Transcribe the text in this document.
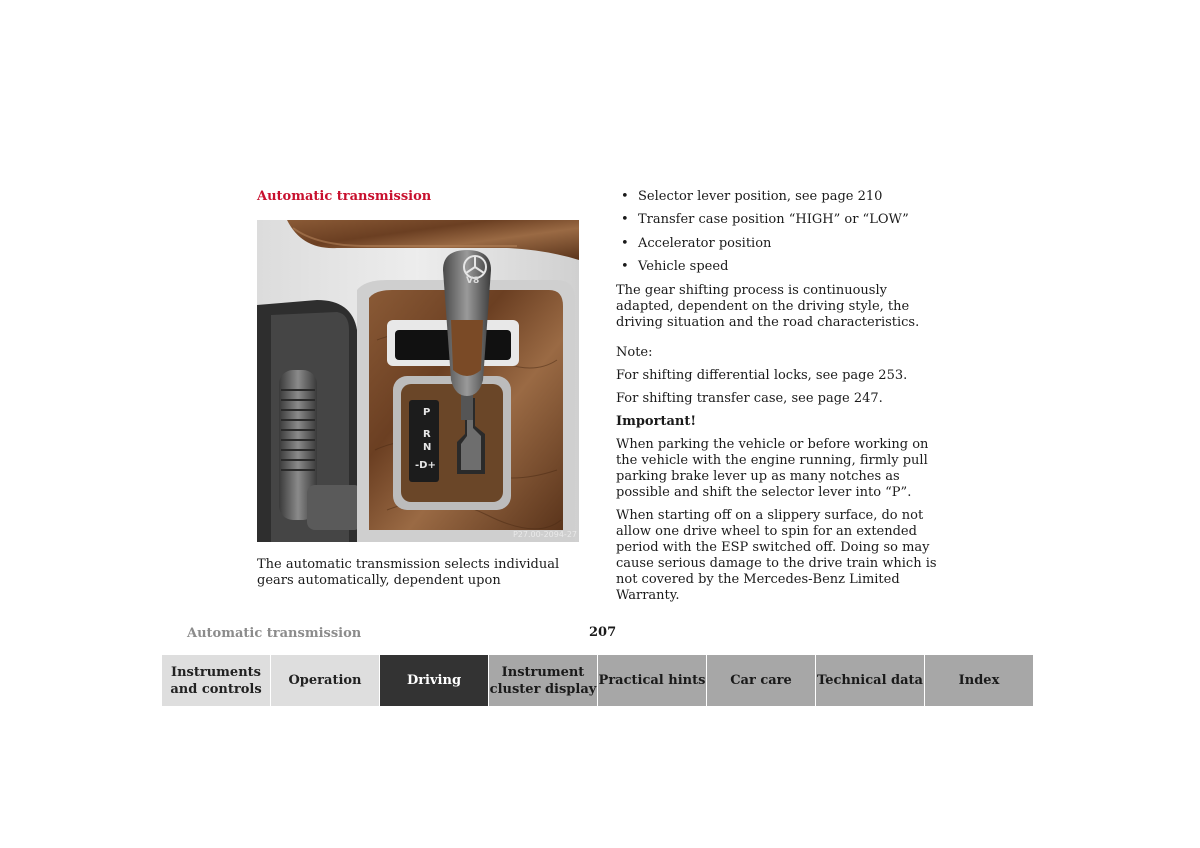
Automatic transmission
P
R
N
-D+
V8
P27.00-2094-27
The automatic transmission selects individual gears automatically, dependent upon
• Selector lever position, see page 210
• Transfer case position “HIGH” or “LOW”
• Accelerator position
• Vehicle speed

The gear shifting process is continuously adapted, dependent on the driving style, the driving situation and the road characteristics.

Note:

For shifting differential locks, see page 253.

For shifting transfer case, see page 247.

Important!

When parking the vehicle or before working on the vehicle with the engine running, firmly pull parking brake lever up as many notches as possible and shift the selector lever into “P”.

When starting off on a slippery surface, do not allow one drive wheel to spin for an extended period with the ESP switched off. Doing so may cause serious damage to the drive train which is not covered by the Mercedes-Benz Limited Warranty.

Automatic transmission	207
Instruments and controls
Operation	Driving
Instrument cluster display
Practical hints	Car care	Technical data	Index
